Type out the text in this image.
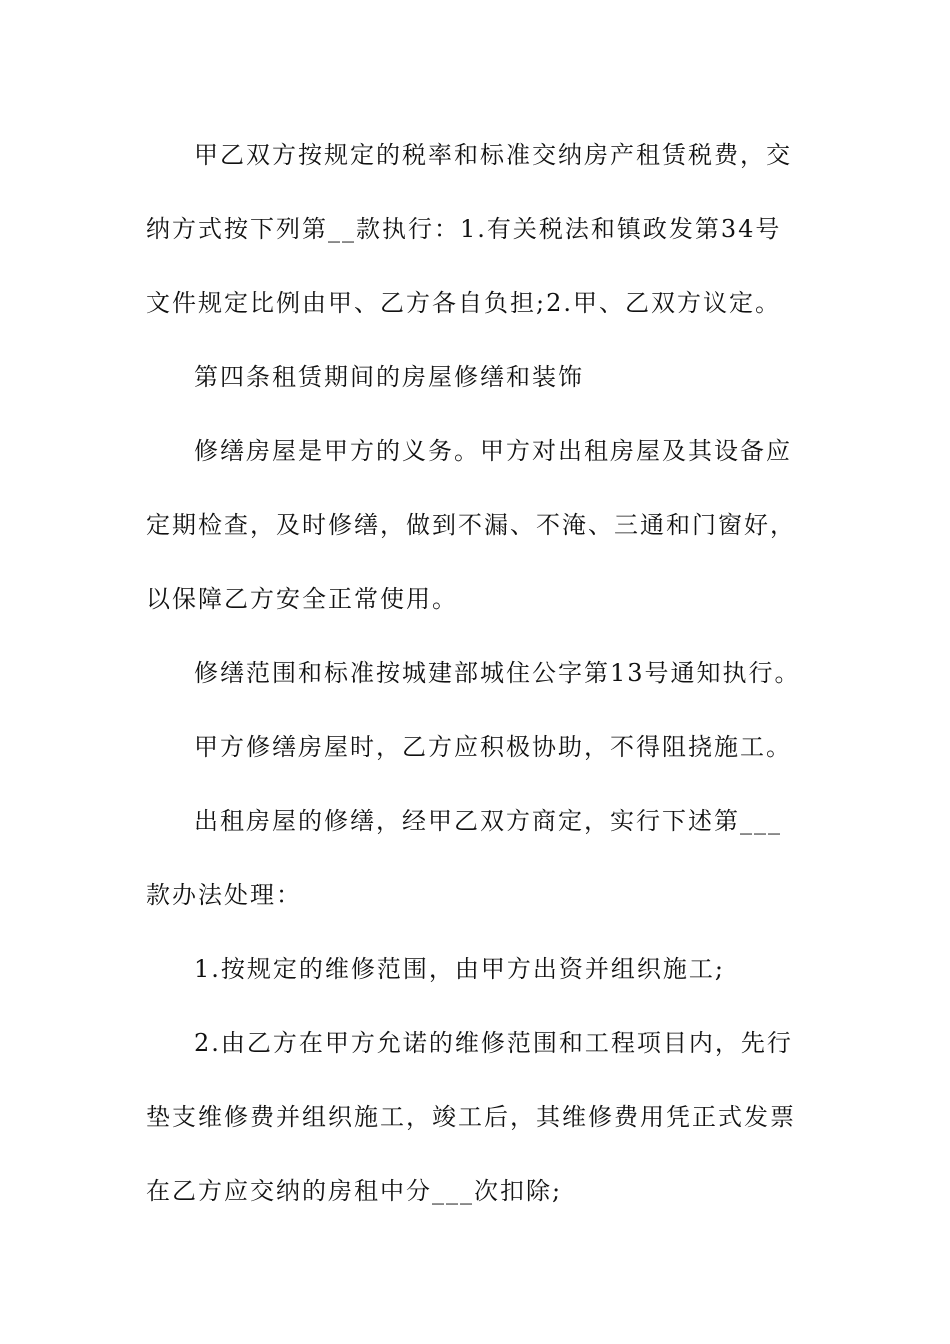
甲乙双方按规定的税率和标准交纳房产租赁税费，交纳方式按下列第__款执行：1.有关税法和镇政发第34号文件规定比例由甲、乙方各自负担;2.甲、乙双方议定。

第四条租赁期间的房屋修缮和装饰

修缮房屋是甲方的义务。甲方对出租房屋及其设备应定期检查，及时修缮，做到不漏、不淹、三通和门窗好，以保障乙方安全正常使用。

修缮范围和标准按城建部城住公字第13号通知执行。

甲方修缮房屋时，乙方应积极协助，不得阻挠施工。

出租房屋的修缮，经甲乙双方商定，实行下述第___款办法处理：

1.按规定的维修范围，由甲方出资并组织施工;

2.由乙方在甲方允诺的维修范围和工程项目内，先行垫支维修费并组织施工，竣工后，其维修费用凭正式发票在乙方应交纳的房租中分___次扣除;
